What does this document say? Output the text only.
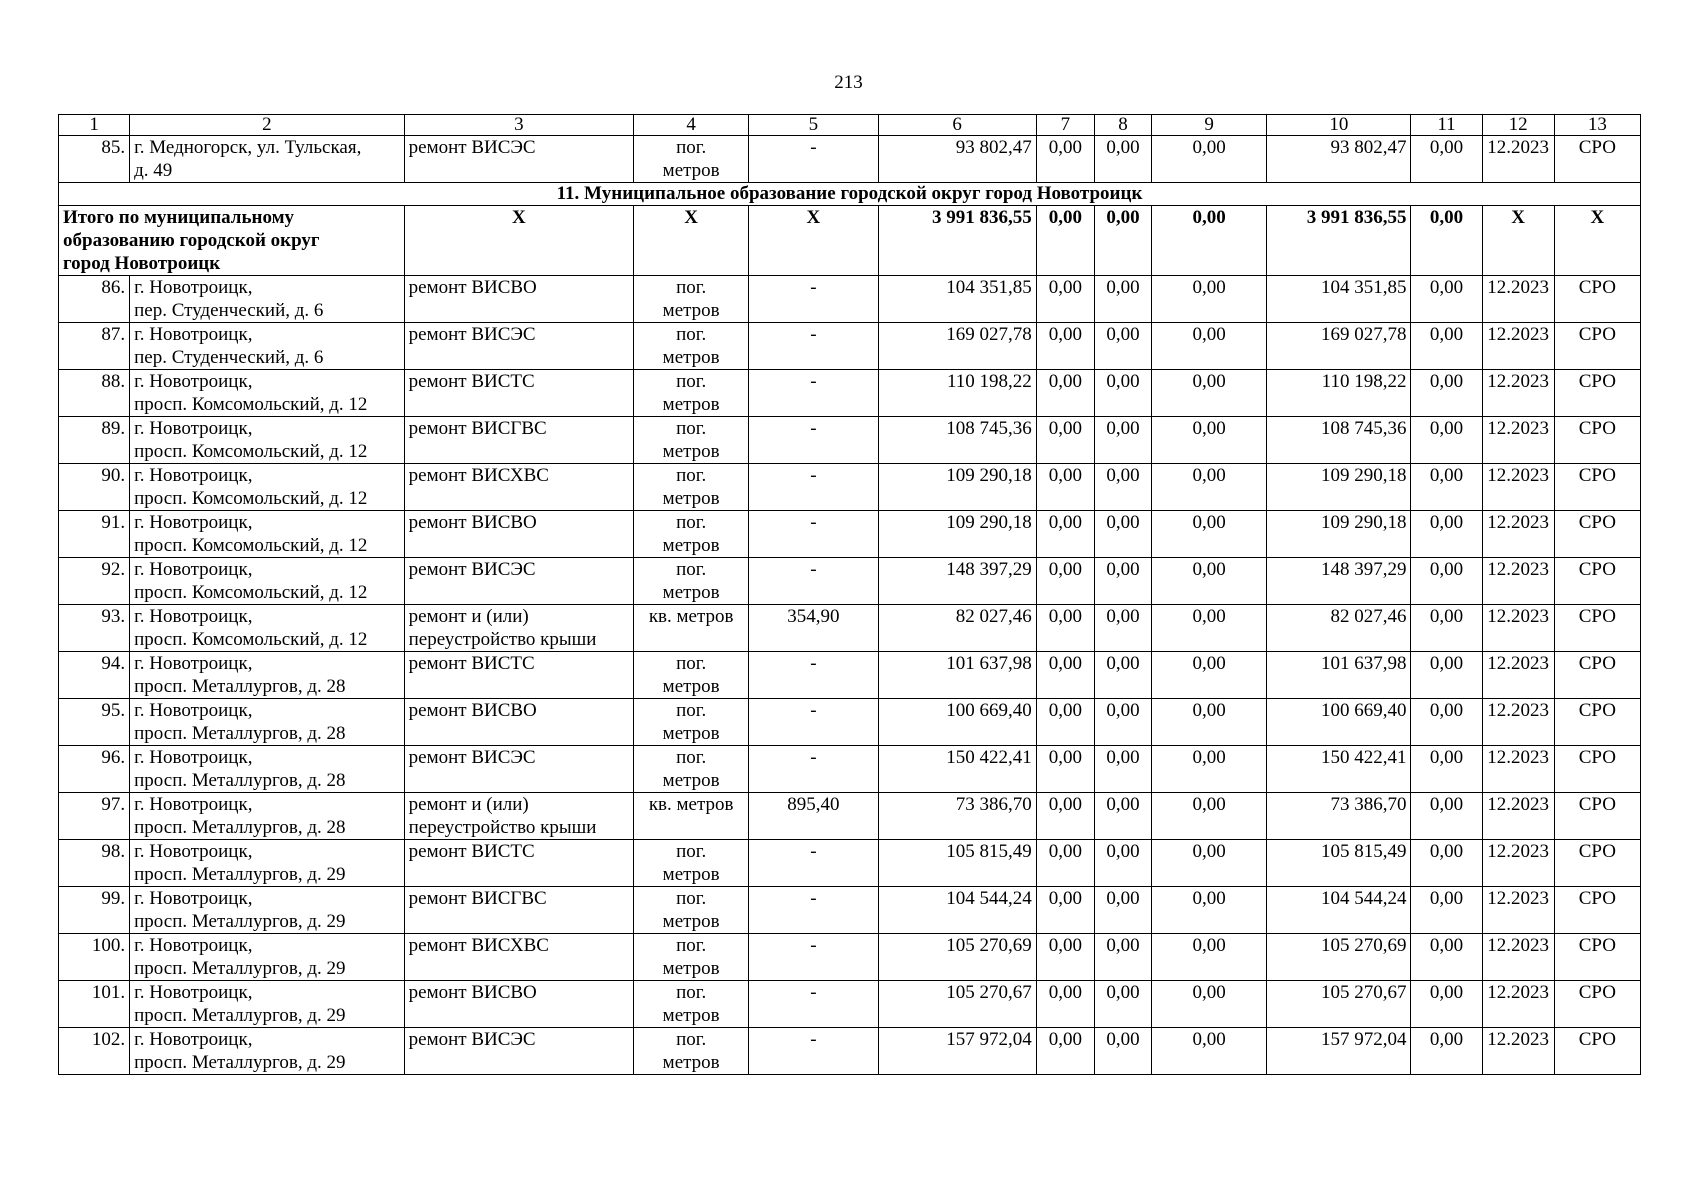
213
1	2	3	4	5	6	7	8	9	10	11	12	13
85.	г. Медногорск, ул. Тульская,
д. 49	ремонт ВИСЭС	пог.
метров	-	93 802,47	0,00	0,00	0,00	93 802,47	0,00	12.2023	СРО
11. Муниципальное образование городской округ город Новотроицк												
Итого по муниципальному
образованию городской округ
город Новотроицк		Х	Х	Х	3 991 836,55	0,00	0,00	0,00	3 991 836,55	0,00	Х	Х
86.	г. Новотроицк,
пер. Студенческий, д. 6	ремонт ВИСВО	пог.
метров	-	104 351,85	0,00	0,00	0,00	104 351,85	0,00	12.2023	СРО
87.	г. Новотроицк,
пер. Студенческий, д. 6	ремонт ВИСЭС	пог.
метров	-	169 027,78	0,00	0,00	0,00	169 027,78	0,00	12.2023	СРО
88.	г. Новотроицк,
просп. Комсомольский, д. 12	ремонт ВИСТС	пог.
метров	-	110 198,22	0,00	0,00	0,00	110 198,22	0,00	12.2023	СРО
89.	г. Новотроицк,
просп. Комсомольский, д. 12	ремонт ВИСГВС	пог.
метров	-	108 745,36	0,00	0,00	0,00	108 745,36	0,00	12.2023	СРО
90.	г. Новотроицк,
просп. Комсомольский, д. 12	ремонт ВИСХВС	пог.
метров	-	109 290,18	0,00	0,00	0,00	109 290,18	0,00	12.2023	СРО
91.	г. Новотроицк,
просп. Комсомольский, д. 12	ремонт ВИСВО	пог.
метров	-	109 290,18	0,00	0,00	0,00	109 290,18	0,00	12.2023	СРО
92.	г. Новотроицк,
просп. Комсомольский, д. 12	ремонт ВИСЭС	пог.
метров	-	148 397,29	0,00	0,00	0,00	148 397,29	0,00	12.2023	СРО
93.	г. Новотроицк,
просп. Комсомольский, д. 12	ремонт и (или)
переустройство крыши	кв. метров	354,90	82 027,46	0,00	0,00	0,00	82 027,46	0,00	12.2023	СРО
94.	г. Новотроицк,
просп. Металлургов, д. 28	ремонт ВИСТС	пог.
метров	-	101 637,98	0,00	0,00	0,00	101 637,98	0,00	12.2023	СРО
95.	г. Новотроицк,
просп. Металлургов, д. 28	ремонт ВИСВО	пог.
метров	-	100 669,40	0,00	0,00	0,00	100 669,40	0,00	12.2023	СРО
96.	г. Новотроицк,
просп. Металлургов, д. 28	ремонт ВИСЭС	пог.
метров	-	150 422,41	0,00	0,00	0,00	150 422,41	0,00	12.2023	СРО
97.	г. Новотроицк,
просп. Металлургов, д. 28	ремонт и (или)
переустройство крыши	кв. метров	895,40	73 386,70	0,00	0,00	0,00	73 386,70	0,00	12.2023	СРО
98.	г. Новотроицк,
просп. Металлургов, д. 29	ремонт ВИСТС	пог.
метров	-	105 815,49	0,00	0,00	0,00	105 815,49	0,00	12.2023	СРО
99.	г. Новотроицк,
просп. Металлургов, д. 29	ремонт ВИСГВС	пог.
метров	-	104 544,24	0,00	0,00	0,00	104 544,24	0,00	12.2023	СРО
100.	г. Новотроицк,
просп. Металлургов, д. 29	ремонт ВИСХВС	пог.
метров	-	105 270,69	0,00	0,00	0,00	105 270,69	0,00	12.2023	СРО
101.	г. Новотроицк,
просп. Металлургов, д. 29	ремонт ВИСВО	пог.
метров	-	105 270,67	0,00	0,00	0,00	105 270,67	0,00	12.2023	СРО
102.	г. Новотроицк,
просп. Металлургов, д. 29	ремонт ВИСЭС	пог.
метров	-	157 972,04	0,00	0,00	0,00	157 972,04	0,00	12.2023	СРО
